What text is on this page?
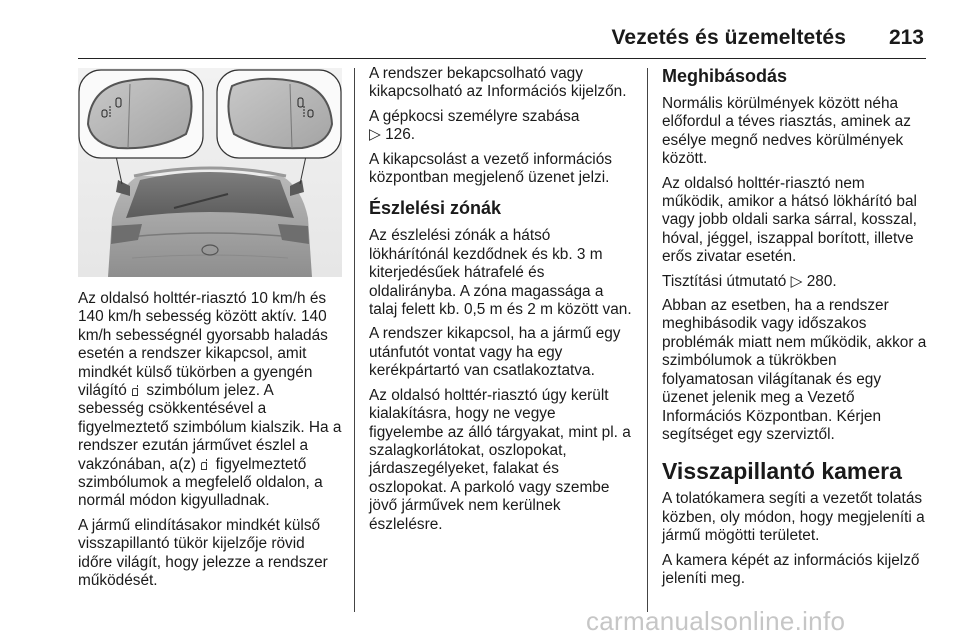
Vezetés és üzemeltetés 213

Az oldalsó holttér-riasztó 10 km/h és 140 km/h sebesség között aktív. 140 km/h sebességnél gyorsabb haladás esetén a rendszer kikapcsol, amit mindkét külső tükörben a gyengén világító  szimbólum jelez. A sebesség csökkentésével a figyelmeztető szimbólum kialszik. Ha a rendszer ezután járművet észlel a vakzónában, a(z)  figyelmeztető szimbólumok a megfelelő oldalon, a normál módon kigyulladnak.

A jármű elindításakor mindkét külső visszapillantó tükör kijelzője rövid időre világít, hogy jelezze a rendszer működését.

A rendszer bekapcsolható vagy kikapcsolható az Információs kijelzőn.

A gépkocsi személyre szabása
▷ 126.

A kikapcsolást a vezető információs központban megjelenő üzenet jelzi.

Észlelési zónák

Az észlelési zónák a hátsó lökhárítónál kezdődnek és kb. 3 m kiterjedésűek hátrafelé és oldalirányba. A zóna magassága a talaj felett kb. 0,5 m és 2 m között van.

A rendszer kikapcsol, ha a jármű egy utánfutót vontat vagy ha egy kerékpártartó van csatlakoztatva.

Az oldalsó holttér-riasztó úgy került kialakításra, hogy ne vegye figyelembe az álló tárgyakat, mint pl. a szalagkorlátokat, oszlopokat, járdaszegélyeket, falakat és oszlopokat. A parkoló vagy szembe jövő járművek nem kerülnek észlelésre.

Meghibásodás

Normális körülmények között néha előfordul a téves riasztás, aminek az esélye megnő nedves körülmények között.

Az oldalsó holttér-riasztó nem működik, amikor a hátsó lökhárító bal vagy jobb oldali sarka sárral, kosszal, hóval, jéggel, iszappal borított, illetve erős zivatar esetén.

Tisztítási útmutató ▷ 280.

Abban az esetben, ha a rendszer meghibásodik vagy időszakos problémák miatt nem működik, akkor a szimbólumok a tükrökben folyamatosan világítanak és egy üzenet jelenik meg a Vezető Információs Központban. Kérjen segítséget egy szerviztől.

Visszapillantó kamera

A tolatókamera segíti a vezetőt tolatás közben, oly módon, hogy megjeleníti a jármű mögötti területet.

A kamera képét az információs kijelző jeleníti meg.

carmanualsonline.info
